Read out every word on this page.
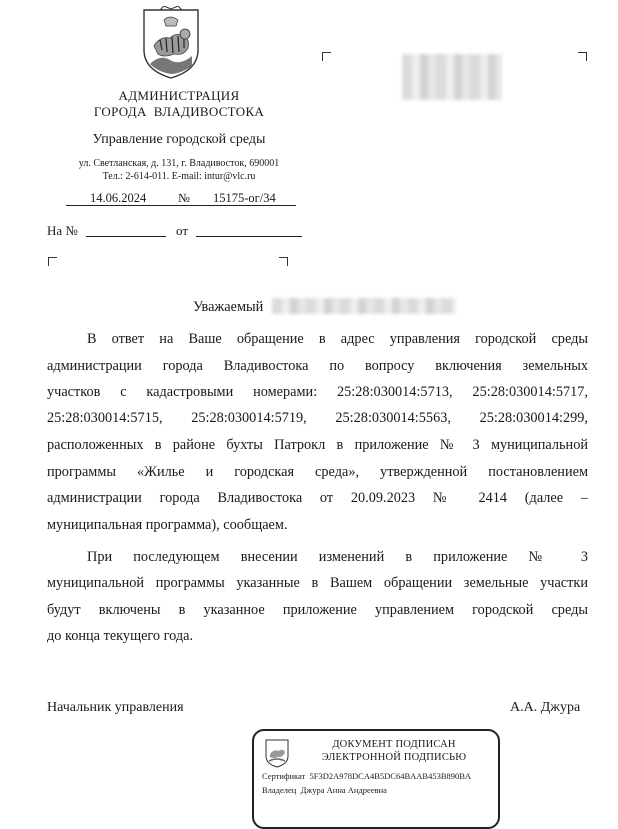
АДМИНИСТРАЦИЯ
ГОРОДА  ВЛАДИВОСТОКА
Управление городской среды
ул. Светланская, д. 131, г. Владивосток, 690001
Тел.: 2-614-011. E-mail: intur@vlc.ru
14.06.2024	№ 15175-ог/34
На №	от
Уважаемый
В ответ на Ваше обращение в адрес управления городской среды
администрации города Владивостока по вопросу включения земельных
участков с кадастровыми номерами: 25:28:030014:5713, 25:28:030014:5717,
25:28:030014:5715, 25:28:030014:5719, 25:28:030014:5563, 25:28:030014:299,
расположенных в районе бухты Патрокл в приложение № 3 муниципальной
программы «Жилье и городская среда», утвержденной постановлением
администрации города Владивостока от 20.09.2023 № 2414 (далее –
муниципальная программа), сообщаем.
При последующем внесении изменений в приложение № 3
муниципальной программы указанные в Вашем обращении земельные участки
будут включены в указанное приложение управлением городской среды
до конца текущего года.
Начальник управления	А.А. Джура
ДОКУМЕНТ ПОДПИСАН
ЭЛЕКТРОННОЙ ПОДПИСЬЮ
Сертификат  5F3D2A978DCA4B5DC64BAAB453B890BA
Владелец  Джура Анна Андреевна
